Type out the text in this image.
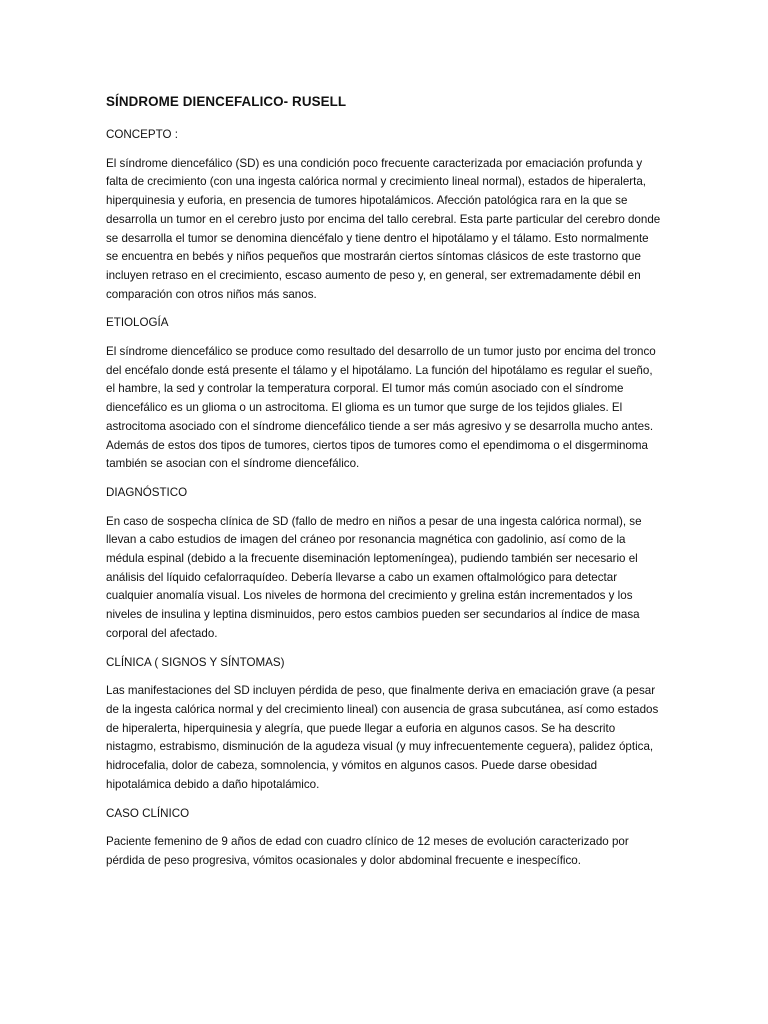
SÍNDROME DIENCEFALICO- RUSELL
CONCEPTO :
El síndrome diencefálico (SD) es una condición poco frecuente caracterizada por emaciación profunda y falta de crecimiento (con una ingesta calórica normal y crecimiento lineal normal), estados de hiperalerta, hiperquinesia y euforia, en presencia de tumores hipotalámicos. Afección patológica rara en la que se desarrolla un tumor en el cerebro justo por encima del tallo cerebral. Esta parte particular del cerebro donde se desarrolla el tumor se denomina diencéfalo y tiene dentro el hipotálamo y el tálamo. Esto normalmente se encuentra en bebés y niños pequeños que mostrarán ciertos síntomas clásicos de este trastorno que incluyen retraso en el crecimiento, escaso aumento de peso y, en general, ser extremadamente débil en comparación con otros niños más sanos.
ETIOLOGÍA
El síndrome diencefálico se produce como resultado del desarrollo de un tumor justo por encima del tronco del encéfalo donde está presente el tálamo y el hipotálamo. La función del hipotálamo es regular el sueño, el hambre, la sed y controlar la temperatura corporal. El tumor más común asociado con el síndrome diencefálico es un glioma o un astrocitoma. El glioma es un tumor que surge de los tejidos gliales. El astrocitoma asociado con el síndrome diencefálico tiende a ser más agresivo y se desarrolla mucho antes. Además de estos dos tipos de tumores, ciertos tipos de tumores como el ependimoma o el disgerminoma también se asocian con el síndrome diencefálico.
DIAGNÓSTICO
En caso de sospecha clínica de SD (fallo de medro en niños a pesar de una ingesta calórica normal), se llevan a cabo estudios de imagen del cráneo por resonancia magnética con gadolinio, así como de la médula espinal (debido a la frecuente diseminación leptomeníngea), pudiendo también ser necesario el análisis del líquido cefalorraquídeo. Debería llevarse a cabo un examen oftalmológico para detectar cualquier anomalía visual. Los niveles de hormona del crecimiento y grelina están incrementados y los niveles de insulina y leptina disminuidos, pero estos cambios pueden ser secundarios al índice de masa corporal del afectado.
CLÍNICA ( SIGNOS Y SÍNTOMAS)
Las manifestaciones del SD incluyen pérdida de peso, que finalmente deriva en emaciación grave (a pesar de la ingesta calórica normal y del crecimiento lineal) con ausencia de grasa subcutánea, así como estados de hiperalerta, hiperquinesia y alegría, que puede llegar a euforia en algunos casos. Se ha descrito nistagmo, estrabismo, disminución de la agudeza visual (y muy infrecuentemente ceguera), palidez óptica, hidrocefalia, dolor de cabeza, somnolencia, y vómitos en algunos casos. Puede darse obesidad hipotalámica debido a daño hipotalámico.
CASO CLÍNICO
Paciente femenino de 9 años de edad con cuadro clínico de 12 meses de evolución caracterizado por pérdida de peso progresiva, vómitos ocasionales y dolor abdominal frecuente e inespecífico.
